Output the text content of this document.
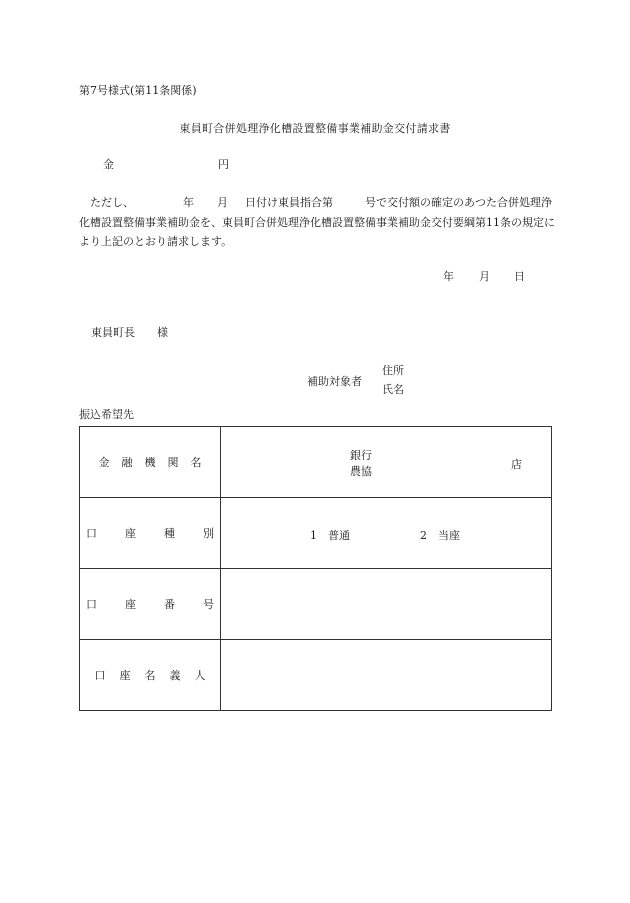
第7号様式(第11条関係)
東員町合併処理浄化槽設置整備事業補助金交付請求書
金	円
ただし、	年 月 日付け東員指合第	号で交付額の確定のあつた合併処理浄化槽設置整備事業補助金を、東員町合併処理浄化槽設置整備事業補助金交付要綱第11条の規定により上記のとおり請求します。
年 月 日
東員町長 様
補助対象者
住所
氏名
振込希望先
金 融 機 関 名	銀行
農協
店

口 座 種 別	1　普通 2　当座

口 座 番 号	
口 座 名 義 人	
